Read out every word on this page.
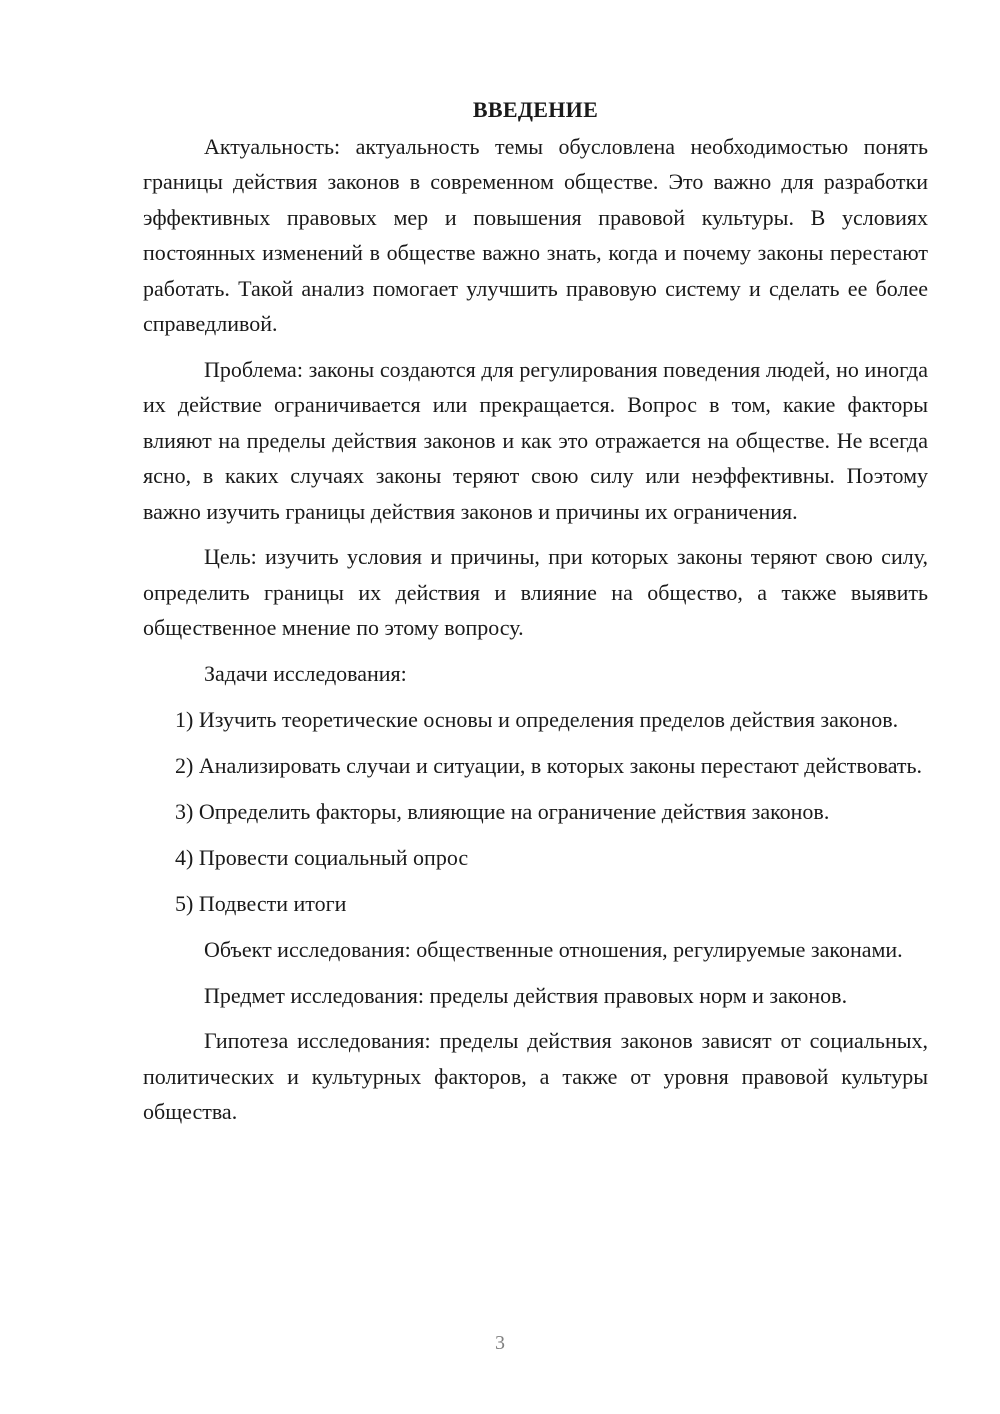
ВВЕДЕНИЕ

Актуальность: актуальность темы обусловлена необходимостью понять границы действия законов в современном обществе. Это важно для разработки эффективных правовых мер и повышения правовой культуры. В условиях постоянных изменений в обществе важно знать, когда и почему законы перестают работать. Такой анализ помогает улучшить правовую систему и сделать ее более справедливой.

Проблема: законы создаются для регулирования поведения людей, но иногда их действие ограничивается или прекращается. Вопрос в том, какие факторы влияют на пределы действия законов и как это отражается на обществе. Не всегда ясно, в каких случаях законы теряют свою силу или неэффективны. Поэтому важно изучить границы действия законов и причины их ограничения.

Цель: изучить условия и причины, при которых законы теряют свою силу, определить границы их действия и влияние на общество, а также выявить общественное мнение по этому вопросу.

Задачи исследования:

1) Изучить теоретические основы и определения пределов действия законов.

2) Анализировать случаи и ситуации, в которых законы перестают действовать.

3) Определить факторы, влияющие на ограничение действия законов.

4) Провести социальный опрос

5) Подвести итоги

Объект исследования: общественные отношения, регулируемые законами.

Предмет исследования: пределы действия правовых норм и законов.

Гипотеза исследования: пределы действия законов зависят от социальных, политических и культурных факторов, а также от уровня правовой культуры общества.

3
